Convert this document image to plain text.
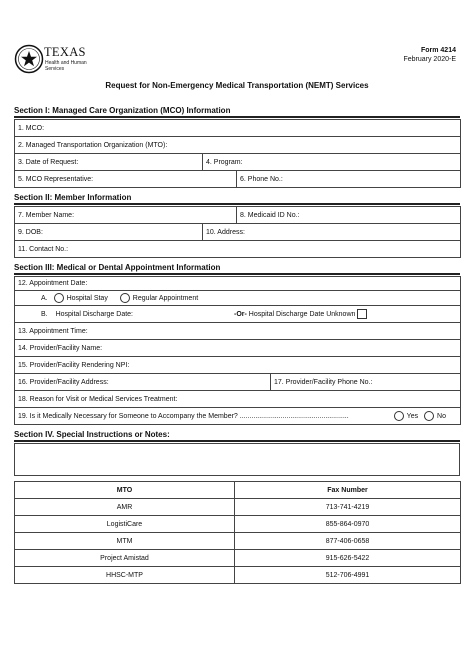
TEXAS
Health and Human
Services
Form 4214
February 2020-E
Request for Non-Emergency Medical Transportation (NEMT) Services
Section I: Managed Care Organization (MCO) Information
1. MCO:		
2. Managed Transportation Organization (MTO):		
3. Date of Request:	4. Program:	
5. MCO Representative:		6. Phone No.:
Section II: Member Information
7. Member Name:		8. Medicaid ID No.:
9. DOB:	10. Address:	
11. Contact No.:		
Section III: Medical or Dental Appointment Information
12. Appointment Date:
A.	Hospital Stay	Regular Appointment
B. Hospital Discharge Date:	-Or- Hospital Discharge Date Unknown

13. Appointment Time:
14. Provider/Facility Name:
15. Provider/Facility Rendering NPI:
16. Provider/Facility Address:	17. Provider/Facility Phone No.:
18. Reason for Visit or Medical Services Treatment:
19. Is it Medically Necessary for Someone to Accompany the Member? ........................................................	Yes	No
Section IV. Special Instructions or Notes:
MTO	Fax Number
AMR	713-741-4219
LogistiCare	855-864-0970
MTM	877-406-0658
Project Amistad	915-626-5422
HHSC-MTP	512-706-4991
